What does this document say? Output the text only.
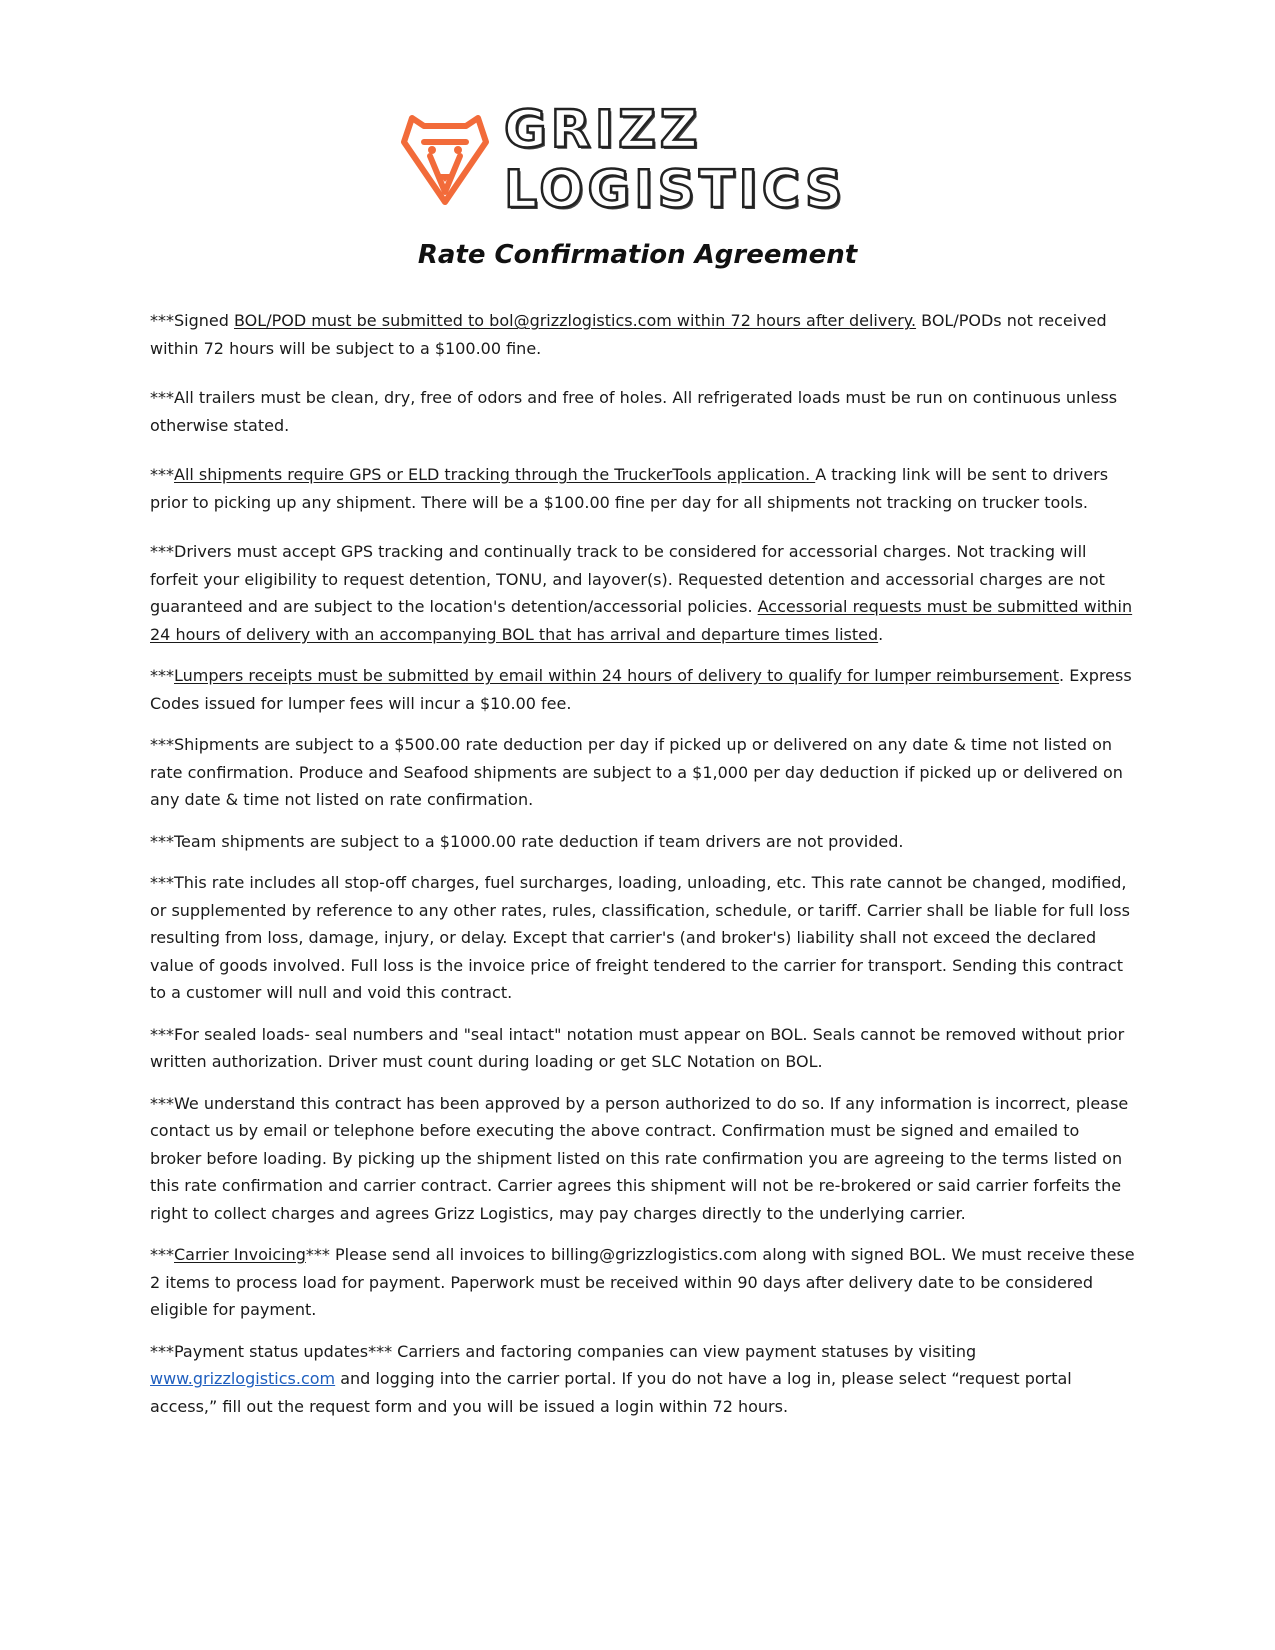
GRIZZ
LOGISTICS
Rate Confirmation Agreement

***Signed BOL/POD must be submitted to bol@grizzlogistics.com within 72 hours after delivery. BOL/PODs not received within 72 hours will be subject to a $100.00 fine.

***All trailers must be clean, dry, free of odors and free of holes. All refrigerated loads must be run on continuous unless otherwise stated.

***All shipments require GPS or ELD tracking through the TruckerTools application. A tracking link will be sent to drivers prior to picking up any shipment. There will be a $100.00 fine per day for all shipments not tracking on trucker tools.

***Drivers must accept GPS tracking and continually track to be considered for accessorial charges. Not tracking will forfeit your eligibility to request detention, TONU, and layover(s). Requested detention and accessorial charges are not guaranteed and are subject to the location's detention/accessorial policies. Accessorial requests must be submitted within 24 hours of delivery with an accompanying BOL that has arrival and departure times listed.

***Lumpers receipts must be submitted by email within 24 hours of delivery to qualify for lumper reimbursement. Express Codes issued for lumper fees will incur a $10.00 fee.

***Shipments are subject to a $500.00 rate deduction per day if picked up or delivered on any date & time not listed on rate confirmation. Produce and Seafood shipments are subject to a $1,000 per day deduction if picked up or delivered on any date & time not listed on rate confirmation.

***Team shipments are subject to a $1000.00 rate deduction if team drivers are not provided.

***This rate includes all stop-off charges, fuel surcharges, loading, unloading, etc. This rate cannot be changed, modified, or supplemented by reference to any other rates, rules, classification, schedule, or tariff. Carrier shall be liable for full loss resulting from loss, damage, injury, or delay. Except that carrier's (and broker's) liability shall not exceed the declared value of goods involved. Full loss is the invoice price of freight tendered to the carrier for transport. Sending this contract to a customer will null and void this contract.

***For sealed loads- seal numbers and "seal intact" notation must appear on BOL. Seals cannot be removed without prior written authorization. Driver must count during loading or get SLC Notation on BOL.

***We understand this contract has been approved by a person authorized to do so. If any information is incorrect, please contact us by email or telephone before executing the above contract. Confirmation must be signed and emailed to broker before loading. By picking up the shipment listed on this rate confirmation you are agreeing to the terms listed on this rate confirmation and carrier contract. Carrier agrees this shipment will not be re-brokered or said carrier forfeits the right to collect charges and agrees Grizz Logistics, may pay charges directly to the underlying carrier.

***Carrier Invoicing*** Please send all invoices to billing@grizzlogistics.com along with signed BOL. We must receive these 2 items to process load for payment. Paperwork must be received within 90 days after delivery date to be considered eligible for payment.

***Payment status updates*** Carriers and factoring companies can view payment statuses by visiting www.grizzlogistics.com and logging into the carrier portal. If you do not have a log in, please select “request portal access,” fill out the request form and you will be issued a login within 72 hours.
